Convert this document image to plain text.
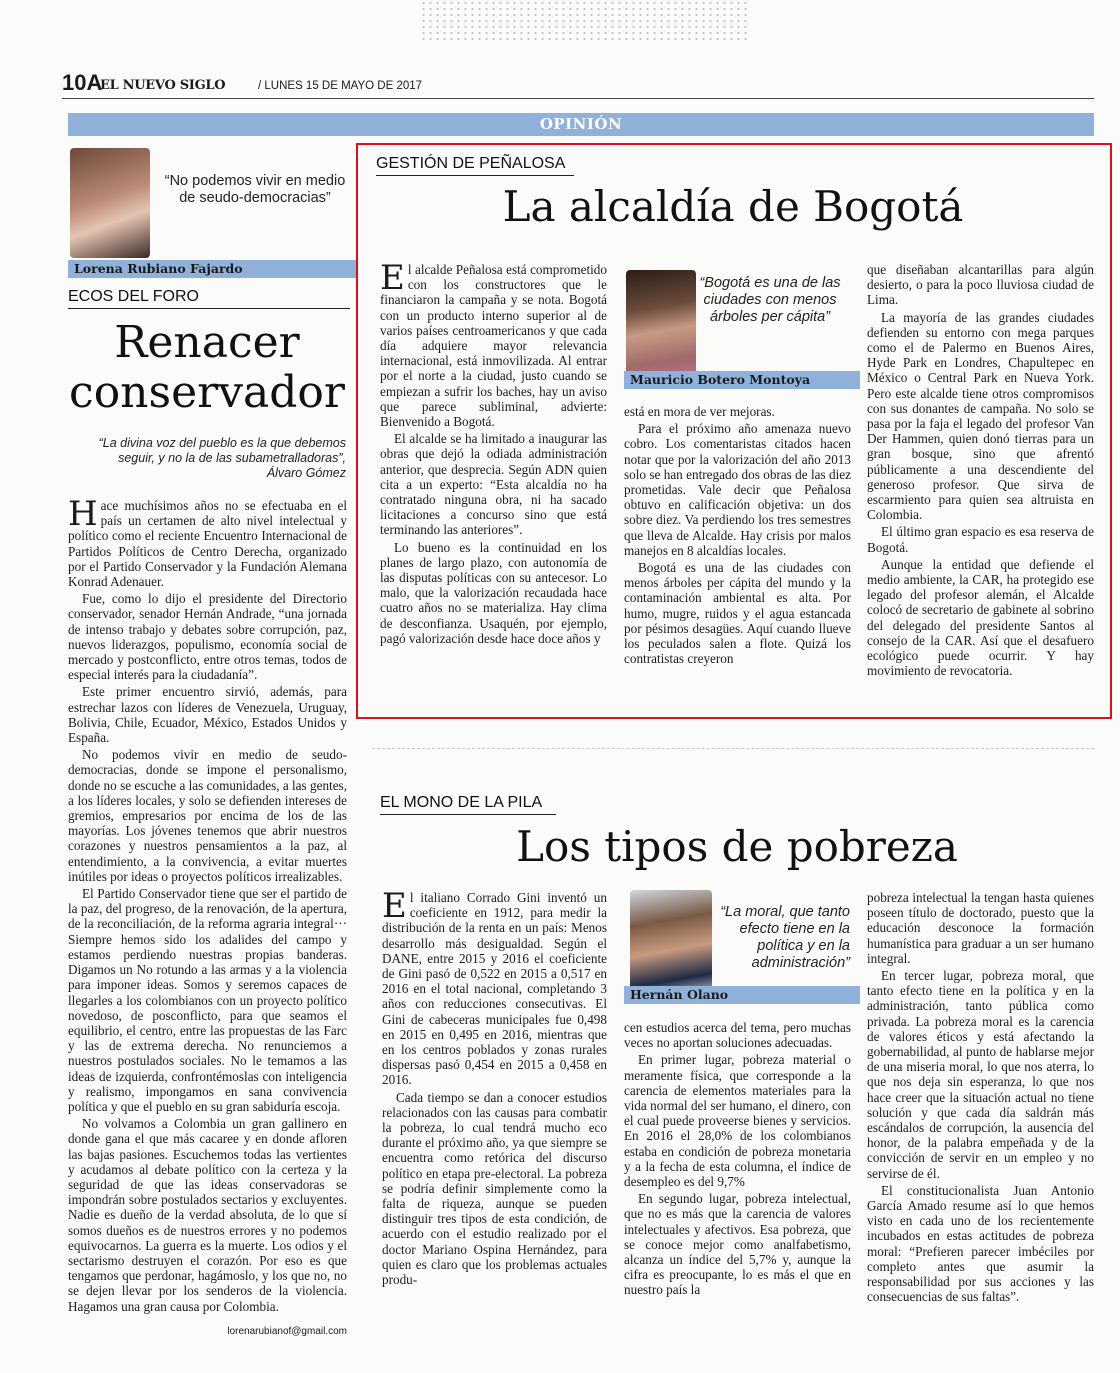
10A
EL NUEVO SIGLO	/ LUNES 15 DE MAYO DE 2017
OPINIÓN
“No podemos vivir en medio de seudo-democracias”
Lorena Rubiano Fajardo
ECOS DEL FORO
Renacer
conservador
“La divina voz del pueblo es la que debemos seguir, y no la de las subametralladoras”, Álvaro Gómez

Hace muchísimos años no se efectuaba en el país un certamen de alto nivel intelectual y político como el reciente Encuentro Internacional de Partidos Políticos de Centro Derecha, organizado por el Partido Conservador y la Fundación Alemana Konrad Adenauer.

Fue, como lo dijo el presidente del Directorio conservador, senador Hernán Andrade, “una jornada de intenso trabajo y debates sobre corrupción, paz, nuevos liderazgos, populismo, economía social de mercado y postconflicto, entre otros temas, todos de especial interés para la ciudadanía”.

Este primer encuentro sirvió, además, para estrechar lazos con líderes de Venezuela, Uruguay, Bolivia, Chile, Ecuador, México, Estados Unidos y España.

No podemos vivir en medio de seudo-democracias, donde se impone el personalismo, donde no se escuche a las comunidades, a las gentes, a los líderes locales, y solo se defienden intereses de gremios, empresarios por encima de los de las mayorías. Los jóvenes tenemos que abrir nuestros corazones y nuestros pensamientos a la paz, al entendimiento, a la convivencia, a evitar muertes inútiles por ideas o proyectos políticos irrealizables.

El Partido Conservador tiene que ser el partido de la paz, del progreso, de la renovación, de la apertura, de la reconciliación, de la reforma agraria integral··· Siempre hemos sido los adalides del campo y estamos perdiendo nuestras propias banderas. Digamos un No rotundo a las armas y a la violencia para imponer ideas. Somos y seremos capaces de llegarles a los colombianos con un proyecto político novedoso, de posconflicto, para que seamos el equilibrio, el centro, entre las propuestas de las Farc y las de extrema derecha. No renunciemos a nuestros postulados sociales. No le temamos a las ideas de izquierda, confrontémoslas con inteligencia y realismo, impongamos en sana convivencia política y que el pueblo en su gran sabiduría escoja.

No volvamos a Colombia un gran gallinero en donde gana el que más cacaree y en donde afloren las bajas pasiones. Escuchemos todas las vertientes y acudamos al debate político con la certeza y la seguridad de que las ideas conservadoras se impondrán sobre postulados sectarios y excluyentes. Nadie es dueño de la verdad absoluta, de lo que sí somos dueños es de nuestros errores y no podemos equivocarnos. La guerra es la muerte. Los odios y el sectarismo destruyen el corazón. Por eso es que tengamos que perdonar, hagámoslo, y los que no, no se dejen llevar por los senderos de la violencia. Hagamos una gran causa por Colombia.

lorenarubianof@gmail.com
GESTIÓN DE PEÑALOSA
La alcaldía de Bogotá

El alcalde Peñalosa está comprometido con los constructores que le financiaron la campaña y se nota. Bogotá con un producto interno superior al de varios países centroamericanos y que cada día adquiere mayor relevancia internacional, está inmovilizada. Al entrar por el norte a la ciudad, justo cuando se empiezan a sufrir los baches, hay un aviso que parece subliminal, advierte: Bienvenido a Bogotá.

El alcalde se ha limitado a inaugurar las obras que dejó la odiada administración anterior, que desprecia. Según ADN quien cita a un experto: “Esta alcaldía no ha contratado ninguna obra, ni ha sacado licitaciones a concurso sino que está terminando las anteriores”.

Lo bueno es la continuidad en los planes de largo plazo, con autonomía de las disputas políticas con su antecesor. Lo malo, que la valorización recaudada hace cuatro años no se materializa. Hay clima de desconfianza. Usaquén, por ejemplo, pagó valorización desde hace doce años y

“Bogotá es una de las ciudades con menos árboles per cápita”
Mauricio Botero Montoya

está en mora de ver mejoras.

Para el próximo año amenaza nuevo cobro. Los comentaristas citados hacen notar que por la valorización del año 2013 solo se han entregado dos obras de las diez prometidas. Vale decir que Peñalosa obtuvo en calificación objetiva: un dos sobre diez. Va perdiendo los tres semestres que lleva de Alcalde. Hay crisis por malos manejos en 8 alcaldías locales.

Bogotá es una de las ciudades con menos árboles per cápita del mundo y la contaminación ambiental es alta. Por humo, mugre, ruidos y el agua estancada por pésimos desagües. Aquí cuando llueve los peculados salen a flote. Quizá los contratistas creyeron

que diseñaban alcantarillas para algún desierto, o para la poco lluviosa ciudad de Lima.

La mayoría de las grandes ciudades defienden su entorno con mega parques como el de Palermo en Buenos Aires, Hyde Park en Londres, Chapultepec en México o Central Park en Nueva York. Pero este alcalde tiene otros compromisos con sus donantes de campaña. No solo se pasa por la faja el legado del profesor Van Der Hammen, quien donó tierras para un gran bosque, sino que afrentó públicamente a una descendiente del generoso profesor. Que sirva de escarmiento para quien sea altruista en Colombia.

El último gran espacio es esa reserva de Bogotá.

Aunque la entidad que defiende el medio ambiente, la CAR, ha protegido ese legado del profesor alemán, el Alcalde colocó de secretario de gabinete al sobrino del delegado del presidente Santos al consejo de la CAR. Así que el desafuero ecológico puede ocurrir. Y hay movimiento de revocatoria.

EL MONO DE LA PILA
Los tipos de pobreza

El italiano Corrado Gini inventó un coeficiente en 1912, para medir la distribución de la renta en un país: Menos desarrollo más desigualdad. Según el DANE, entre 2015 y 2016 el coeficiente de Gini pasó de 0,522 en 2015 a 0,517 en 2016 en el total nacional, completando 3 años con reducciones consecutivas. El Gini de cabeceras municipales fue 0,498 en 2015 en 0,495 en 2016, mientras que en los centros poblados y zonas rurales dispersas pasó 0,454 en 2015 a 0,458 en 2016.

Cada tiempo se dan a conocer estudios relacionados con las causas para combatir la pobreza, lo cual tendrá mucho eco durante el próximo año, ya que siempre se encuentra como retórica del discurso político en etapa pre-electoral. La pobreza se podría definir simplemente como la falta de riqueza, aunque se pueden distinguir tres tipos de esta condición, de acuerdo con el estudio realizado por el doctor Mariano Ospina Hernández, para quien es claro que los problemas actuales produ-

“La moral, que tanto efecto tiene en la política y en la administración”
Hernán Olano

cen estudios acerca del tema, pero muchas veces no aportan soluciones adecuadas.

En primer lugar, pobreza material o meramente física, que corresponde a la carencia de elementos materiales para la vida normal del ser humano, el dinero, con el cual puede proveerse bienes y servicios. En 2016 el 28,0% de los colombianos estaba en condición de pobreza monetaria y a la fecha de esta columna, el índice de desempleo es del 9,7%

En segundo lugar, pobreza intelectual, que no es más que la carencia de valores intelectuales y afectivos. Esa pobreza, que se conoce mejor como analfabetismo, alcanza un índice del 5,7% y, aunque la cifra es preocupante, lo es más el que en nuestro país la

pobreza intelectual la tengan hasta quienes poseen título de doctorado, puesto que la educación desconoce la formación humanística para graduar a un ser humano integral.

En tercer lugar, pobreza moral, que tanto efecto tiene en la política y en la administración, tanto pública como privada. La pobreza moral es la carencia de valores éticos y está afectando la gobernabilidad, al punto de hablarse mejor de una miseria moral, lo que nos aterra, lo que nos deja sin esperanza, lo que nos hace creer que la situación actual no tiene solución y que cada día saldrán más escándalos de corrupción, la ausencia del honor, de la palabra empeñada y de la convicción de servir en un empleo y no servirse de él.

El constitucionalista Juan Antonio García Amado resume así lo que hemos visto en cada uno de los recientemente incubados en estas actitudes de pobreza moral: “Prefieren parecer imbéciles por completo antes que asumir la responsabilidad por sus acciones y las consecuencias de sus faltas”.
